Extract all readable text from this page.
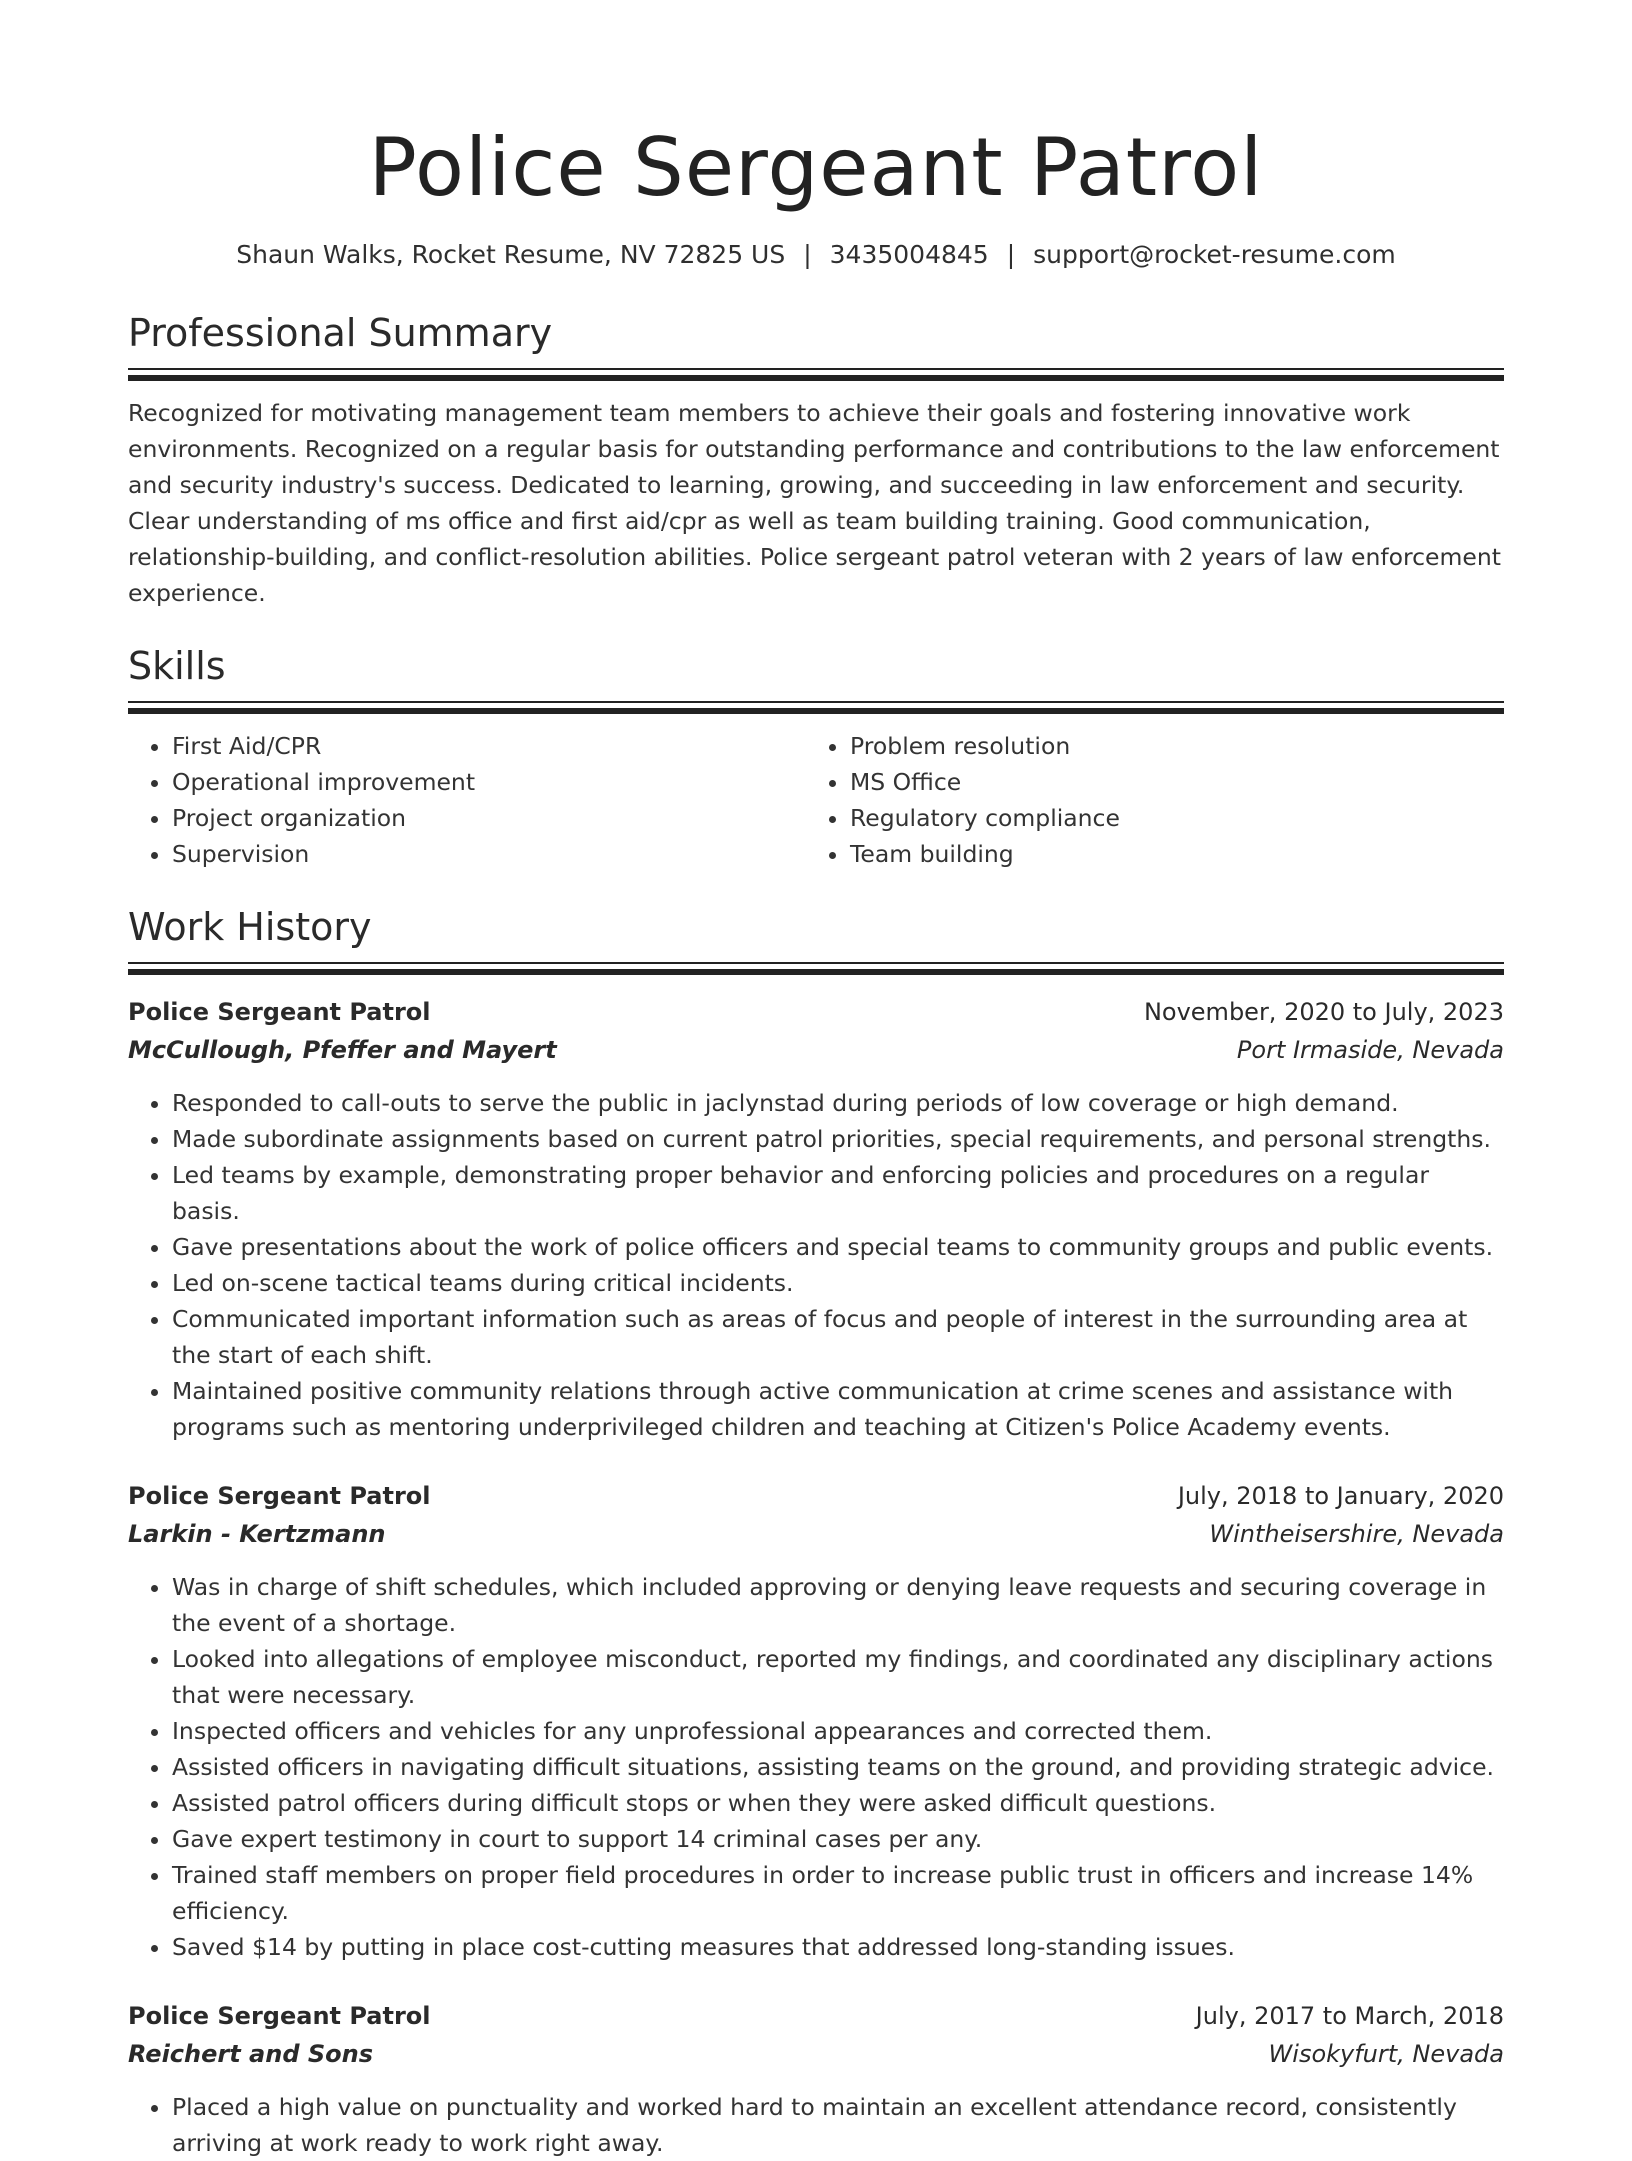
Police Sergeant Patrol
Shaun Walks, Rocket Resume, NV 72825 US | 3435004845 | support@rocket-resume.com
Professional Summary

Recognized for motivating management team members to achieve their goals and fostering innovative work environments. Recognized on a regular basis for outstanding performance and contributions to the law enforcement and security industry's success. Dedicated to learning, growing, and succeeding in law enforcement and security. Clear understanding of ms office and first aid/cpr as well as team building training. Good communication, relationship-building, and conflict-resolution abilities. Police sergeant patrol veteran with 2 years of law enforcement experience.

Skills
• First Aid/CPR
• Operational improvement
• Project organization
• Supervision
• Problem resolution
• MS Office
• Regulatory compliance
• Team building
Work History
Police Sergeant Patrol	November, 2020 to July, 2023
McCullough, Pfeffer and Mayert	Port Irmaside, Nevada
• Responded to call-outs to serve the public in jaclynstad during periods of low coverage or high demand.
• Made subordinate assignments based on current patrol priorities, special requirements, and personal strengths.
• Led teams by example, demonstrating proper behavior and enforcing policies and procedures on a regular basis.
• Gave presentations about the work of police officers and special teams to community groups and public events.
• Led on-scene tactical teams during critical incidents.
• Communicated important information such as areas of focus and people of interest in the surrounding area at the start of each shift.
• Maintained positive community relations through active communication at crime scenes and assistance with programs such as mentoring underprivileged children and teaching at Citizen's Police Academy events.
Police Sergeant Patrol	July, 2018 to January, 2020
Larkin - Kertzmann	Wintheisershire, Nevada
• Was in charge of shift schedules, which included approving or denying leave requests and securing coverage in the event of a shortage.
• Looked into allegations of employee misconduct, reported my findings, and coordinated any disciplinary actions that were necessary.
• Inspected officers and vehicles for any unprofessional appearances and corrected them.
• Assisted officers in navigating difficult situations, assisting teams on the ground, and providing strategic advice.
• Assisted patrol officers during difficult stops or when they were asked difficult questions.
• Gave expert testimony in court to support 14 criminal cases per any.
• Trained staff members on proper field procedures in order to increase public trust in officers and increase 14% efficiency.
• Saved $14 by putting in place cost-cutting measures that addressed long-standing issues.
Police Sergeant Patrol	July, 2017 to March, 2018
Reichert and Sons	Wisokyfurt, Nevada
• Placed a high value on punctuality and worked hard to maintain an excellent attendance record, consistently arriving at work ready to work right away.
